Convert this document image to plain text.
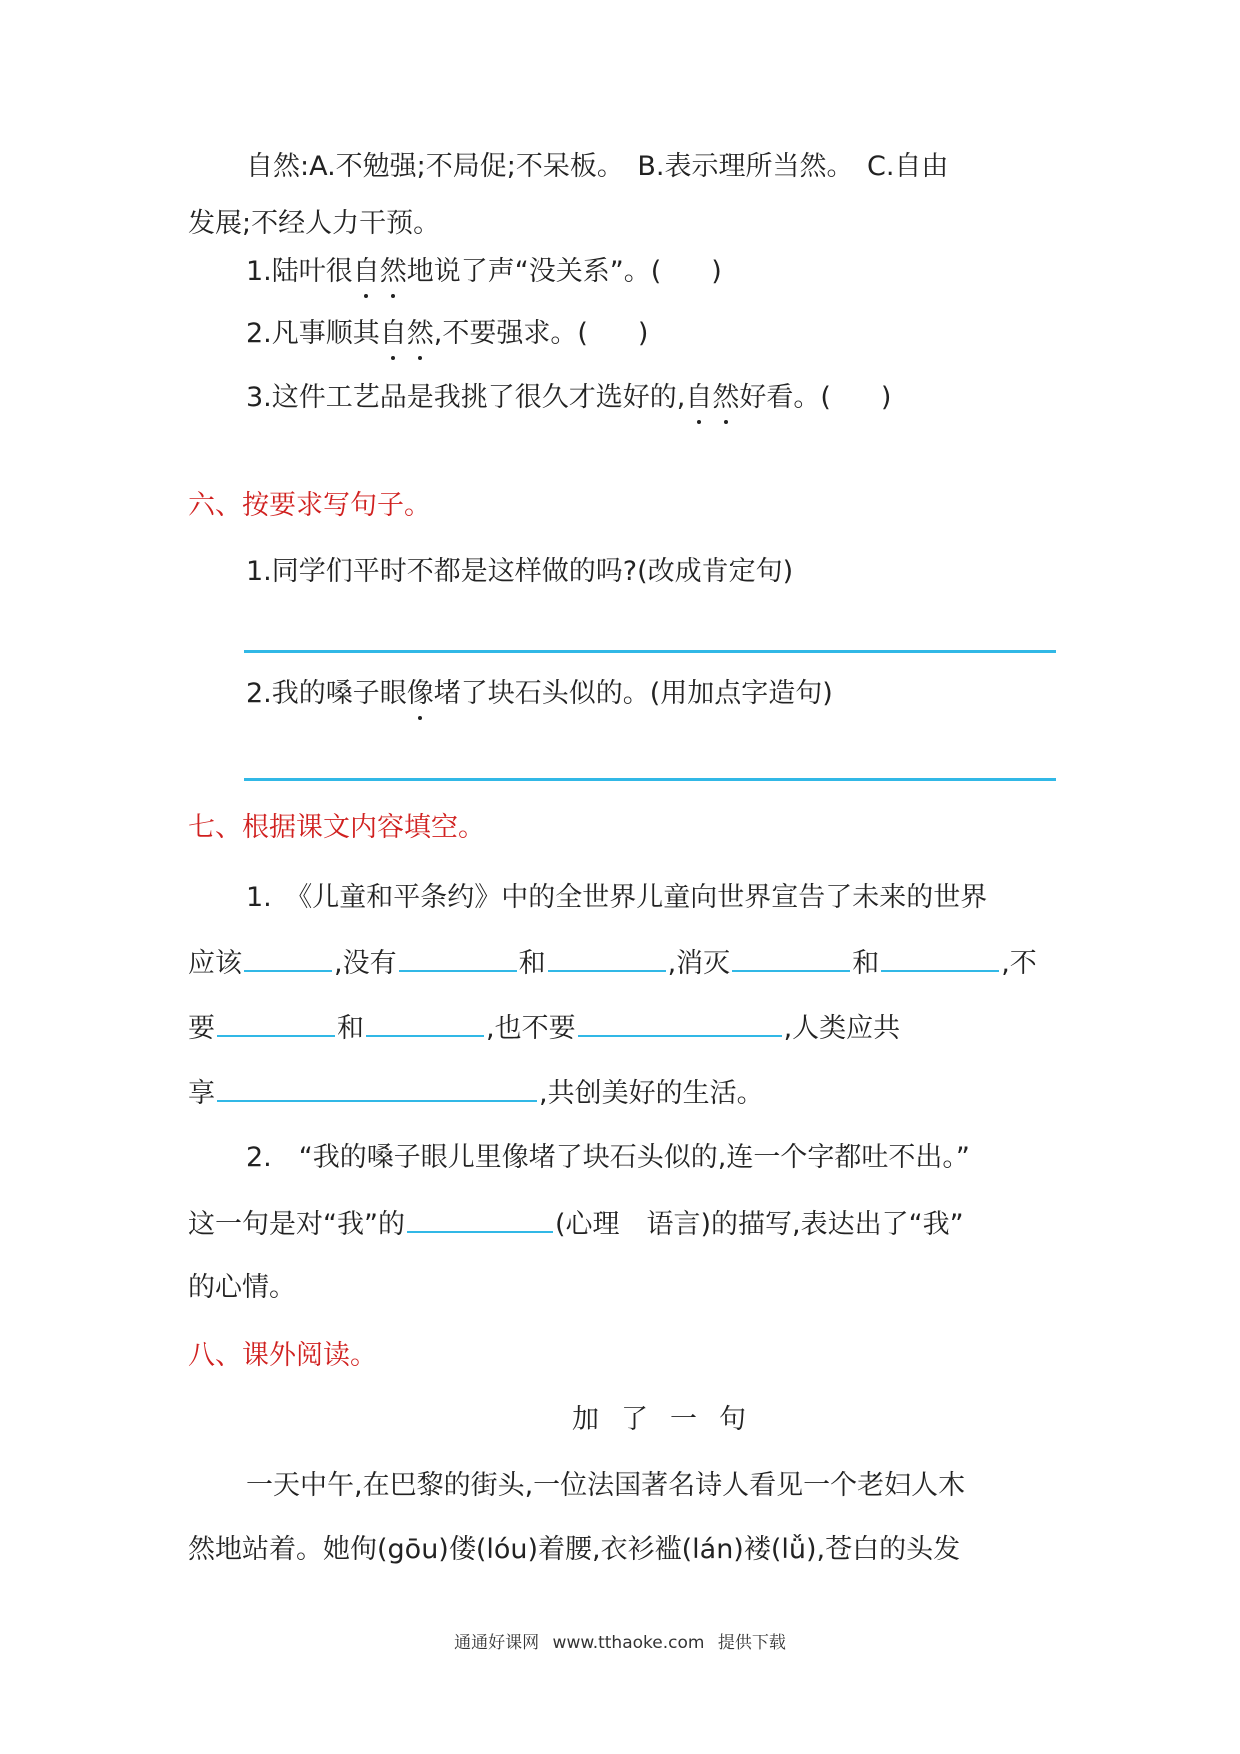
自然:A.不勉强;不局促;不呆板。　B.表示理所当然。　C.自由
发展;不经人力干预。
1.陆叶很自然地说了声“没关系”。( )
2.凡事顺其自然,不要强求。( )
3.这件工艺品是我挑了很久才选好的,自然好看。( )
六、按要求写句子。
1.同学们平时不都是这样做的吗?(改成肯定句)
2.我的嗓子眼像堵了块石头似的。(用加点字造句)
七、根据课文内容填空。
1.　《儿童和平条约》中的全世界儿童向世界宣告了未来的世界
应该	,没有	和	,消灭	和	,不
要	和	,也不要	,人类应共
享	,共创美好的生活。
2.　“我的嗓子眼儿里像堵了块石头似的,连一个字都吐不出。”
这一句是对“我”的	(心理　语言)的描写,表达出了“我”
的心情。
八、课外阅读。
加了一句
一天中午,在巴黎的街头,一位法国著名诗人看见一个老妇人木
然地站着。她佝(gōu)偻(lóu)着腰,衣衫褴(lán)褛(lǚ),苍白的头发
通通好课网 www.tthaoke.com 提供下载
